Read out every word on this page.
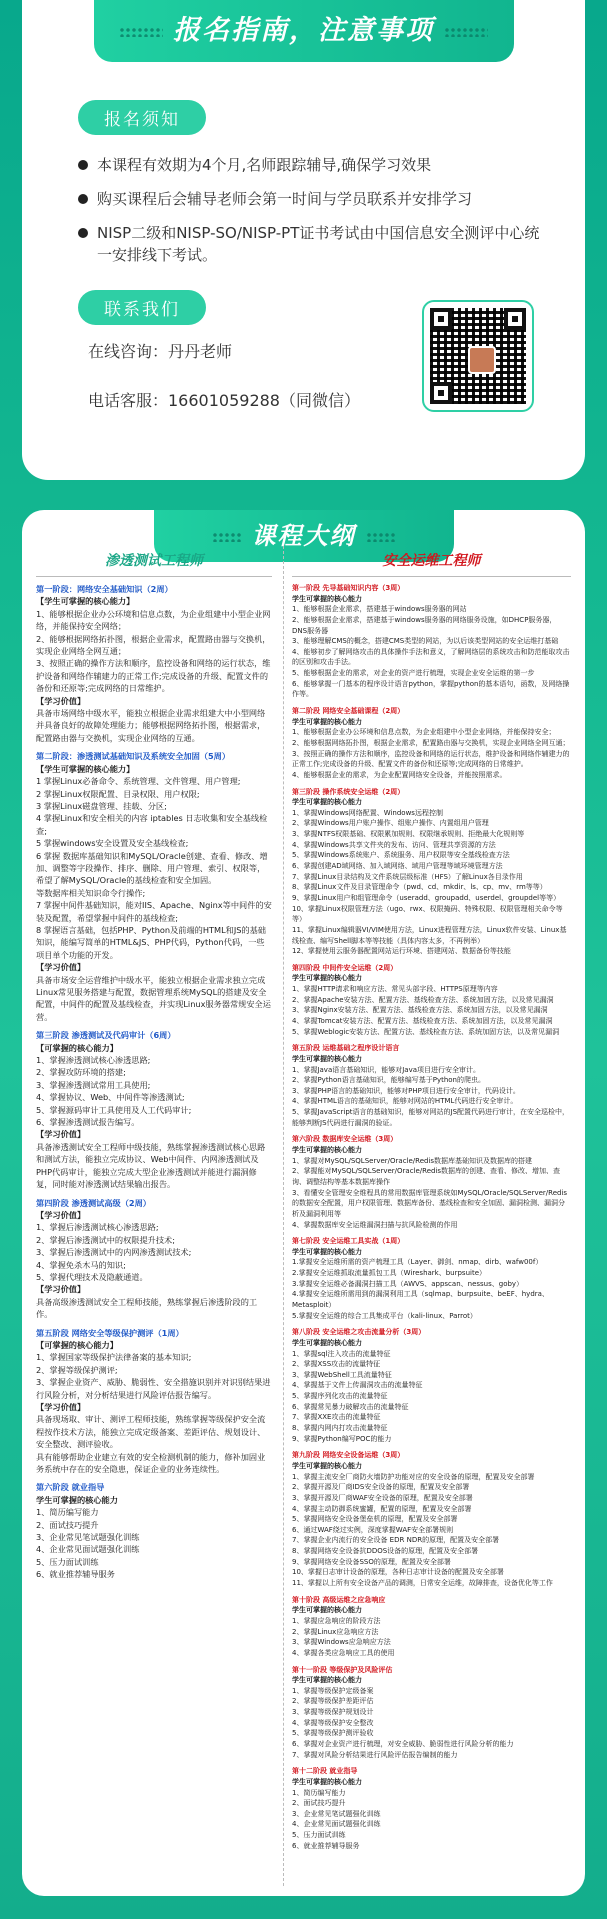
报名指南，注意事项
报名须知
本课程有效期为4个月,名师跟踪辅导,确保学习效果
购买课程后会辅导老师会第一时间与学员联系并安排学习
NISP二级和NISP-SO/NISP-PT证书考试由中国信息安全测评中心统一安排线下考试。
联系我们
在线咨询：丹丹老师
电话客服：16601059288（同微信）
课程大纲
渗透测试工程师
第一阶段：网络安全基础知识（2周）
【学生可掌握的核心能力】
1、能够根据企业办公环境和信息点数，为企业组建中小型企业网络，并能保持安全网络；
2、能够根据网络拓扑图，根据企业需求，配置路由器与交换机，实现企业网络全网互通；
3、按照正确的操作方法和顺序，监控设备和网络的运行状态，维护设备和网络作辅建力的正常工作;完成设备的升级、配置文件的备份和还原等;完成网络的日常维护。
【学习价值】
具备市场网络中级水平，能独立根据企业需求组建大中小型网络并具备良好的故障处理能力；能够根据网络拓扑图，根据需求，配置路由器与交换机，实现企业网络的互通。
第二阶段：渗透测试基础知识及系统安全加固（5周）
【学生可掌握的核心能力】
1 掌握Linux必备命令、系统管理、文件管理、用户管理;
2 掌握Linux权限配置、目录权限、用户权限;
3 掌握Linux磁盘管理、挂载、分区;
4 掌握Linux和安全相关的内容 iptables 日志收集和安全基线检查;
5 掌握windows安全设置及安全基线检查;
6 掌握 数据库基础知识和MySQL/Oracle创建、查看、修改、增加、调整等字段操作、排序、删除、用户管理、索引、权限等，希望了解MySQL/Oracle的基线检查和安全加固。
等数据库相关知识命令行操作;
7 掌握中间件基础知识，能对IIS、Apache、Nginx等中间件的安装及配置，希望掌握中间件的基线检查;
8 掌握语言基础，包括PHP、Python及前端的HTML和JS的基础知识，能编写简单的HTML&JS、PHP代码，Python代码，一些项目单个功能的开发。
【学习价值】
具备市场安全运营维护中级水平，能独立根据企业需求独立完成Linux常见服务搭建与配置，数据管理系统MySQL的搭建及安全配置，中间件的配置及基线检查，并实现Linux服务器常规安全运营。
第三阶段 渗透测试及代码审计（6周）
【可掌握的核心能力】
1、掌握渗透测试核心渗透思路;
2、掌握攻防环境的搭建;
3、掌握渗透测试常用工具使用;
4、掌握协议、Web、中间件等渗透测试;
5、掌握源码审计工具使用及人工代码审计;
6、掌握渗透测试报告编写。
【学习价值】
具备渗透测试安全工程师中级技能，熟练掌握渗透测试核心思路和测试方法，能独立完成协议、Web中间件、内网渗透测试及PHP代码审计，能独立完成大型企业渗透测试并能进行漏洞修复，同时能对渗透测试结果输出报告。
第四阶段 渗透测试高级（2周）
【学习价值】
1、掌握后渗透测试核心渗透思路;
2、掌握后渗透测试中的权限提升技术;
3、掌握后渗透测试中的内网渗透测试技术;
4、掌握免杀木马的知识;
5、掌握代理技术及隐蔽通道。
【学习价值】
具备高级渗透测试安全工程师技能，熟练掌握后渗透阶段的工作。
第五阶段 网络安全等级保护测评（1周）
【可掌握的核心能力】
1、掌握国家等级保护法律备案的基本知识;
2、掌握等级保护测评;
3、掌握企业资产、威胁、脆弱性、安全措施识别并对识别结果进行风险分析，对分析结果进行风险评估报告编写。
【学习价值】
具备现场取、审计、测评工程师技能，熟练掌握等级保护安全流程按作技术方法，能独立完成定级备案、差距评估、规划设计、安全整改、测评验收。
具有能够帮助企业建立有效的安全检测机制的能力，修补加固业务系统中存在的安全隐患，保证企业的业务连续性。
第六阶段 就业指导
学生可掌握的核心能力
1、简历编写能力
2、面试技巧提升
3、企业常见笔试题强化训练
4、企业常见面试题强化训练
5、压力面试训练
6、就业推荐辅导服务
安全运维工程师
第一阶段 先导基础知识内容（3周）
学生可掌握的核心能力
1、能够根据企业需求，搭建基于windows服务器的网站
2、能够根据企业需求，搭建基于windows服务器的网络服务设施，如DHCP服务器，DNS服务器
3、能够理解CMS的概念，搭建CMS类型的网站，为以后该类型网站的安全运维打基础
4、能够初步了解网络攻击的具体操作手法和意义，了解网络层的系统攻击和防范能取攻击的区别和攻击手法。
5、能够根据企业的需求，对企业的资产进行梳理，实现企业安全运维的第一步
6、能够掌握一门基本的程序设计语言python，掌握python的基本语句，函数，及网络操作等。
第二阶段 网络安全基础课程（2周）
学生可掌握的核心能力
1、能够根据企业办公环境和信息点数，为企业组建中小型企业网络，并能保持安全；
2、能够根据网络拓扑图，根据企业需求，配置路由器与交换机，实现企业网络全网互通；
3、按照正确的操作方法和顺序，监控设备和网络的运行状态，维护设备和网络作辅建力的正常工作;完成设备的升级、配置文件的备份和还原等;完成网络的日常维护。
4、能够根据企业的需求，为企业配置网络安全设备，并能按照需求。
第三阶段 操作系统安全运维（2周）
学生可掌握的核心能力
1、掌握Windows网络配置、Windows远程控制
2、掌握Windows用户账户操作、组账户操作、内置组用户管理
3、掌握NTFS权限基础、权限累加规则、权限继承规则、拒绝最大化规则等
4、掌握Windows共享文件夹的发布、访问、管理共享资源的方法
5、掌握Windows系统账户、系统服务、用户权限等安全基线检查方法
6、掌握创建AD域网络、加入域网络、域用户管理等域环境管理方法
7、掌握Linux目录结构及文件系统层级标准（HFS）了解Linux各目录作用
8、掌握Linux文件及目录管理命令（pwd、cd、mkdir、ls、cp、mv、rm等等）
9、掌握Linux用户和组管理命令（useradd、groupadd、userdel、groupdel等等）
10、掌握Linux权限管理方法（ugo、rwx、权限掩码、特殊权限、权限管理相关命令等等）
11、掌握Linux编辑器VI/VIM使用方法，Linux进程管理方法，Linux软件安装、Linux基线检查、编写Shell脚本等等技能（具体内容太多，不再例举）
12、掌握使用云服务器配置网站运行环境、搭建网站、数据备份等技能
第四阶段 中间件安全运维（2周）
学生可掌握的核心能力
1、掌握HTTP请求和响应方法、常见头部字段、HTTPS原理等内容
2、掌握Apache安装方法、配置方法、基线检查方法、系统加固方法，以及常见漏洞
3、掌握Nginx安装方法、配置方法、基线检查方法、系统加固方法，以及常见漏洞
4、掌握Tomcat安装方法、配置方法、基线检查方法、系统加固方法，以及常见漏洞
5、掌握Weblogic安装方法、配置方法、基线检查方法、系统加固方法，以及常见漏洞
第五阶段 运维基础之程序设计语言
学生可掌握的核心能力
1、掌握Java语言基础知识，能够对Java项目进行安全审计。
2、掌握Python语言基础知识，能够编写基于Python的爬虫。
3、掌握PHP语言的基础知识，能够对PHP项目进行安全审计，代码设计。
4、掌握HTML语言的基础知识，能够对网站的HTML代码进行安全审计。
5、掌握JavaScript语言的基础知识，能够对网站的JS配置代码进行审计，在安全巡检中，能够判断JS代码进行漏洞的验证。
第六阶段 数据库安全运维（3周）
学生可掌握的核心能力
1、掌握对MySQL/SQLServer/Oracle/Redis数据库基础知识及数据库的搭建
2、掌握能对MySQL/SQLServer/Oracle/Redis数据库的创建、查看、修改、增加、查询、调整结构等基本数据库操作
3、看懂安全管理安全维程具的常用数据库管理系统如MySQL/Oracle/SQLServer/Redis的数据安全配置，用户权限管理、数据库备份、基线检查和安全加固、漏洞检测、漏洞分析及漏洞利用等
4、掌握数据库安全运维漏洞扫描与抗风险检测的作用
第七阶段 安全运维工具实战（1周）
学生可掌握的核心能力
1.掌握安全运维所需的资产梳理工具（Layer、御剑、nmap、dirb、wafw00f）
2.掌握安全运维抓取流量抓包工具（Wireshark、burpsuite）
3.掌握安全运维必备漏洞扫描工具（AWVS、appscan、nessus、goby）
4.掌握安全运维所需用到的漏洞利用工具（sqlmap、burpsuite、beEF、hydra、Metasploit）
5.掌握安全运维的综合工具集成平台（kali-linux、Parrot）
第八阶段 安全运维之攻击流量分析（3周）
学生可掌握的核心能力
1、掌握sql注入攻击的流量特征
2、掌握XSS攻击的流量特征
3、掌握WebShell工具流量特征
4、掌握基于文件上传漏洞攻击的流量特征
5、掌握序列化攻击的流量特征
6、掌握常见暴力破解攻击的流量特征
7、掌握XXE攻击的流量特征
8、掌握内网内打攻击流量特征
9、掌握Python编写POC的能力
第九阶段 网络安全设备运维（3周）
学生可掌握的核心能力
1、掌握主流安全厂商防火墙防护功能对应的安全设备的原理，配置及安全部署
2、掌握开源及厂商IDS安全设备的原理，配置及安全部署
3、掌握开源及厂商WAF安全设备的原理，配置及安全部署
4、掌握主动防御系统蜜罐，配置的原理，配置及安全部署
5、掌握网络安全设备堡垒机的原理，配置及安全部署
6、通过WAF绕过实例，深度掌握WAF安全部署规则
7、掌握企业内流行的安全设备 EDR NDR的原理，配置及安全部署
8、掌握网络安全设备抗DDOS设备的原理，配置及安全部署
9、掌握网络安全设备SSO的原理，配置及安全部署
10、掌握日志审计设备的原理，各种日志审计设备的配置及安全部署
11、掌握以上所有安全设备产品的调测，日常安全运维，故障排查，设备优化等工作
第十阶段 高级运维之应急响应
学生可掌握的核心能力
1、掌握应急响应的阶段方法
2、掌握Linux应急响应方法
3、掌握Windows应急响应方法
4、掌握各类应急响应工具的使用
第十一阶段 等级保护及风险评估
学生可掌握的核心能力
1、掌握等级保护定级备案
2、掌握等级保护差距评估
3、掌握等级保护规划设计
4、掌握等级保护安全整改
5、掌握等级保护测评验收
6、掌握对企业资产进行梳理，对安全威胁、脆弱性进行风险分析的能力
7、掌握对风险分析结果进行风险评估报告编制的能力
第十二阶段 就业指导
学生可掌握的核心能力
1、简历编写能力
2、面试技巧提升
3、企业常见笔试题强化训练
4、企业常见面试题强化训练
5、压力面试训练
6、就业推荐辅导服务
